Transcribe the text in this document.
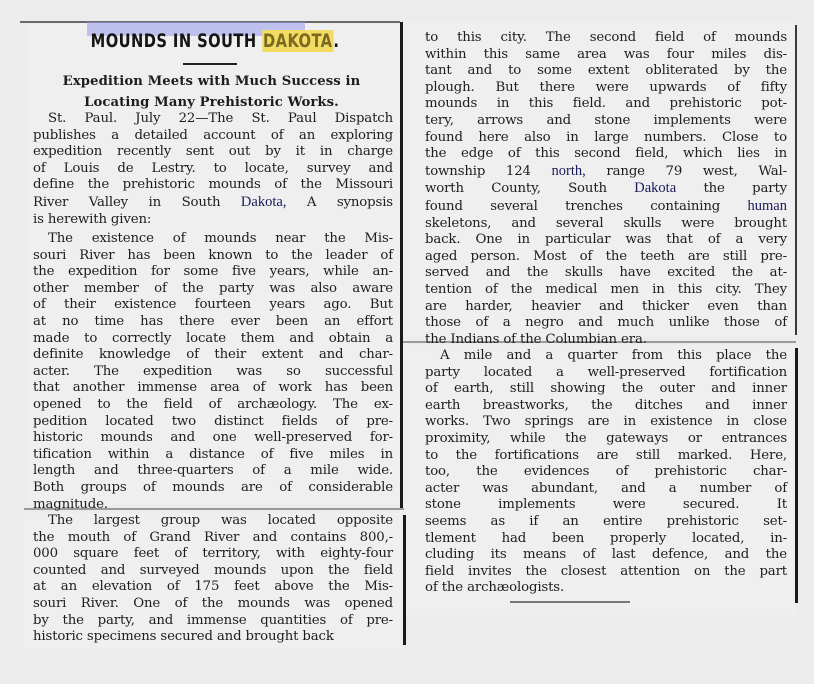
MOUNDS IN SOUTH DAKOTA.
Expedition Meets with Much Success in
Locating Many Prehistoric Works.
St. Paul. July 22—The St. Paul Dispatch
publishes a detailed account of an exploring
expedition recently sent out by it in charge
of Louis de Lestry. to locate, survey and
define the prehistoric mounds of the Missouri
River Valley in South Dakota, A synopsis
is herewith given:
The existence of mounds near the Mis-
souri River has been known to the leader of
the expedition for some five years, while an-
other member of the party was also aware
of their existence fourteen years ago. But
at no time has there ever been an effort
made to correctly locate them and obtain a
definite knowledge of their extent and char-
acter. The expedition was so successful
that another immense area of work has been
opened to the field of archæology. The ex-
pedition located two distinct fields of pre-
historic mounds and one well-preserved for-
tification within a distance of five miles in
length and three-quarters of a mile wide.
Both groups of mounds are of considerable
magnitude.
The largest group was located opposite
the mouth of Grand River and contains 800,-
000 square feet of territory, with eighty-four
counted and surveyed mounds upon the field
at an elevation of 175 feet above the Mis-
souri River. One of the mounds was opened
by the party, and immense quantities of pre-
historic specimens secured and brought back
to this city. The second field of mounds
within this same area was four miles dis-
tant and to some extent obliterated by the
plough. But there were upwards of fifty
mounds in this field. and prehistoric pot-
tery, arrows and stone implements were
found here also in large numbers. Close to
the edge of this second field, which lies in
township 124 north, range 79 west, Wal-
worth County, South Dakota the party
found several trenches containing human
skeletons, and several skulls were brought
back. One in particular was that of a very
aged person. Most of the teeth are still pre-
served and the skulls have excited the at-
tention of the medical men in this city. They
are harder, heavier and thicker even than
those of a negro and much unlike those of
the Indians of the Columbian era.
A mile and a quarter from this place the
party located a well-preserved fortification
of earth, still showing the outer and inner
earth breastworks, the ditches and inner
works. Two springs are in existence in close
proximity, while the gateways or entrances
to the fortifications are still marked. Here,
too, the evidences of prehistoric char-
acter was abundant, and a number of
stone implements were secured. It
seems as if an entire prehistoric set-
tlement had been properly located, in-
cluding its means of last defence, and the
field invites the closest attention on the part
of the archæologists.
